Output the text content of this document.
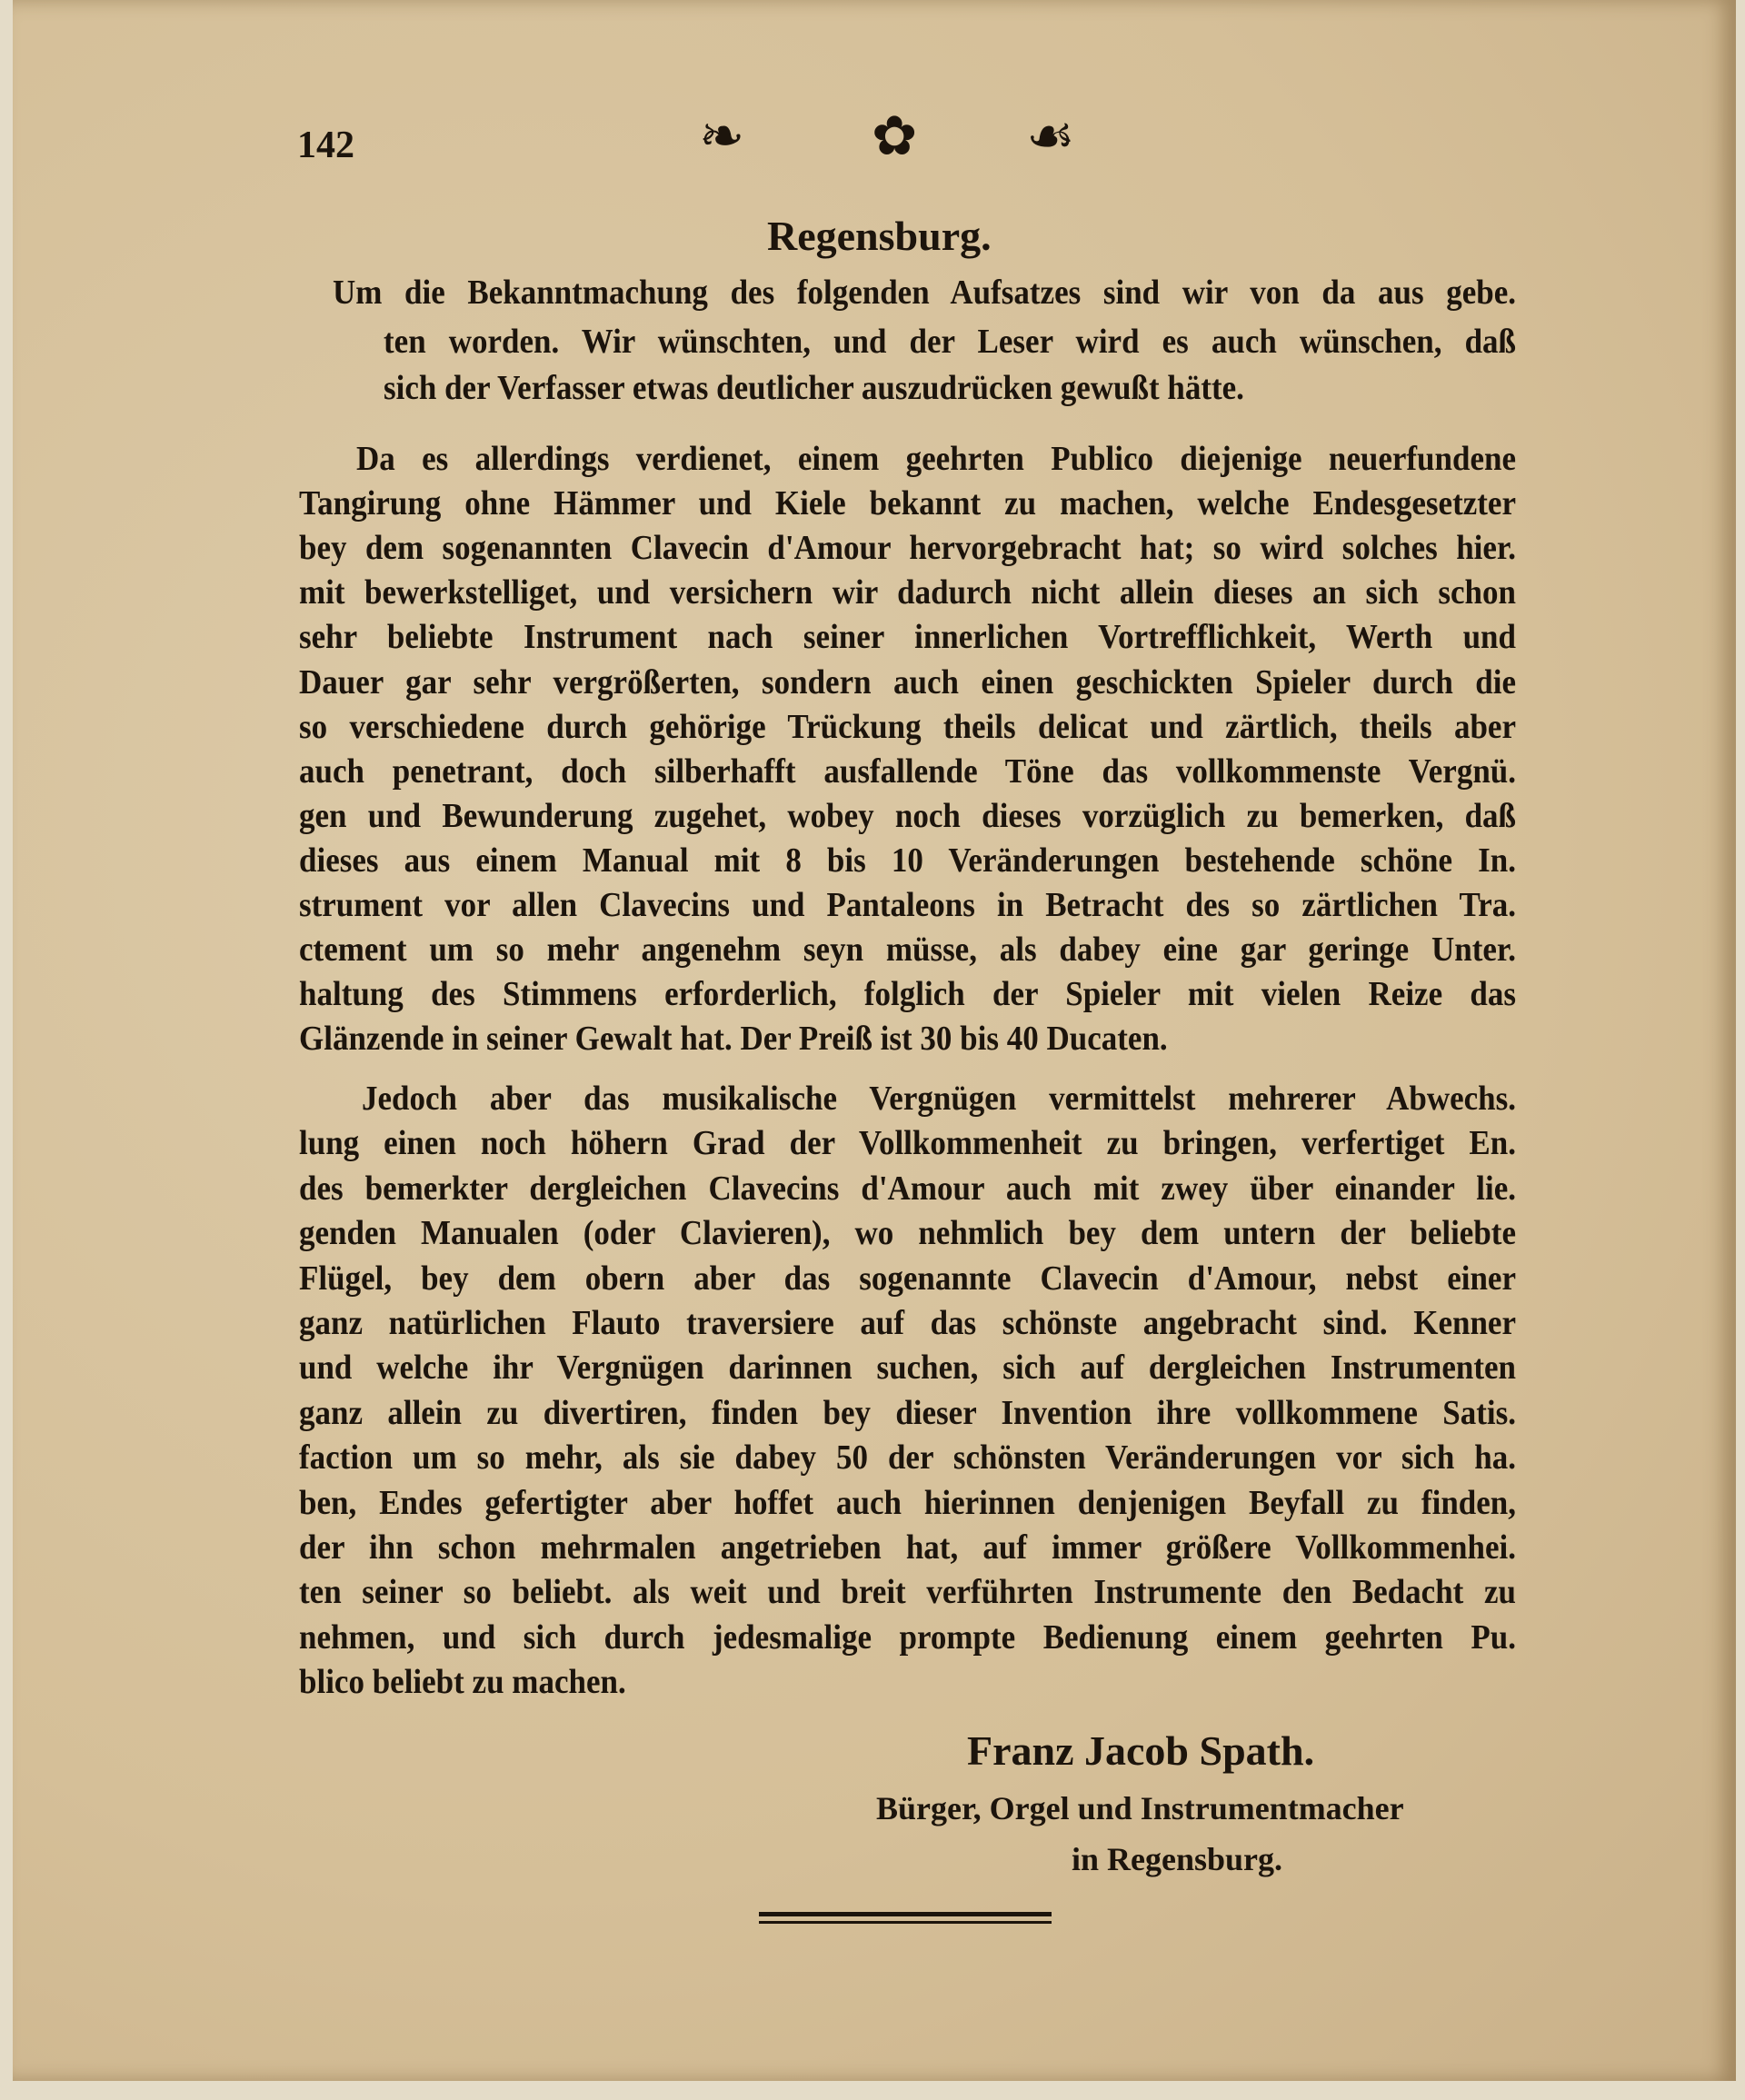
142	❧ ✿ ☙
Regensburg.
Um die Bekanntmachung des folgenden Aufsatzes sind wir von da aus gebe.
ten worden. Wir wünschten, und der Leser wird es auch wünschen, daß
sich der Verfasser etwas deutlicher auszudrücken gewußt hätte.
Da es allerdings verdienet, einem geehrten Publico diejenige neuerfundene
Tangirung ohne Hämmer und Kiele bekannt zu machen, welche Endesgesetzter
bey dem sogenannten Clavecin d'Amour hervorgebracht hat; so wird solches hier.
mit bewerkstelliget, und versichern wir dadurch nicht allein dieses an sich schon
sehr beliebte Instrument nach seiner innerlichen Vortrefflichkeit, Werth und
Dauer gar sehr vergrößerten, sondern auch einen geschickten Spieler durch die
so verschiedene durch gehörige Trückung theils delicat und zärtlich, theils aber
auch penetrant, doch silberhafft ausfallende Töne das vollkommenste Vergnü.
gen und Bewunderung zugehet, wobey noch dieses vorzüglich zu bemerken, daß
dieses aus einem Manual mit 8 bis 10 Veränderungen bestehende schöne In.
strument vor allen Clavecins und Pantaleons in Betracht des so zärtlichen Tra.
ctement um so mehr angenehm seyn müsse, als dabey eine gar geringe Unter.
haltung des Stimmens erforderlich, folglich der Spieler mit vielen Reize das
Glänzende in seiner Gewalt hat. Der Preiß ist 30 bis 40 Ducaten.
Jedoch aber das musikalische Vergnügen vermittelst mehrerer Abwechs.
lung einen noch höhern Grad der Vollkommenheit zu bringen, verfertiget En.
des bemerkter dergleichen Clavecins d'Amour auch mit zwey über einander lie.
genden Manualen (oder Clavieren), wo nehmlich bey dem untern der beliebte
Flügel, bey dem obern aber das sogenannte Clavecin d'Amour, nebst einer
ganz natürlichen Flauto traversiere auf das schönste angebracht sind. Kenner
und welche ihr Vergnügen darinnen suchen, sich auf dergleichen Instrumenten
ganz allein zu divertiren, finden bey dieser Invention ihre vollkommene Satis.
faction um so mehr, als sie dabey 50 der schönsten Veränderungen vor sich ha.
ben, Endes gefertigter aber hoffet auch hierinnen denjenigen Beyfall zu finden,
der ihn schon mehrmalen angetrieben hat, auf immer größere Vollkommenhei.
ten seiner so beliebt. als weit und breit verführten Instrumente den Bedacht zu
nehmen, und sich durch jedesmalige prompte Bedienung einem geehrten Pu.
blico beliebt zu machen.
Franz Jacob Spath.
Bürger, Orgel und Instrumentmacher
in Regensburg.
